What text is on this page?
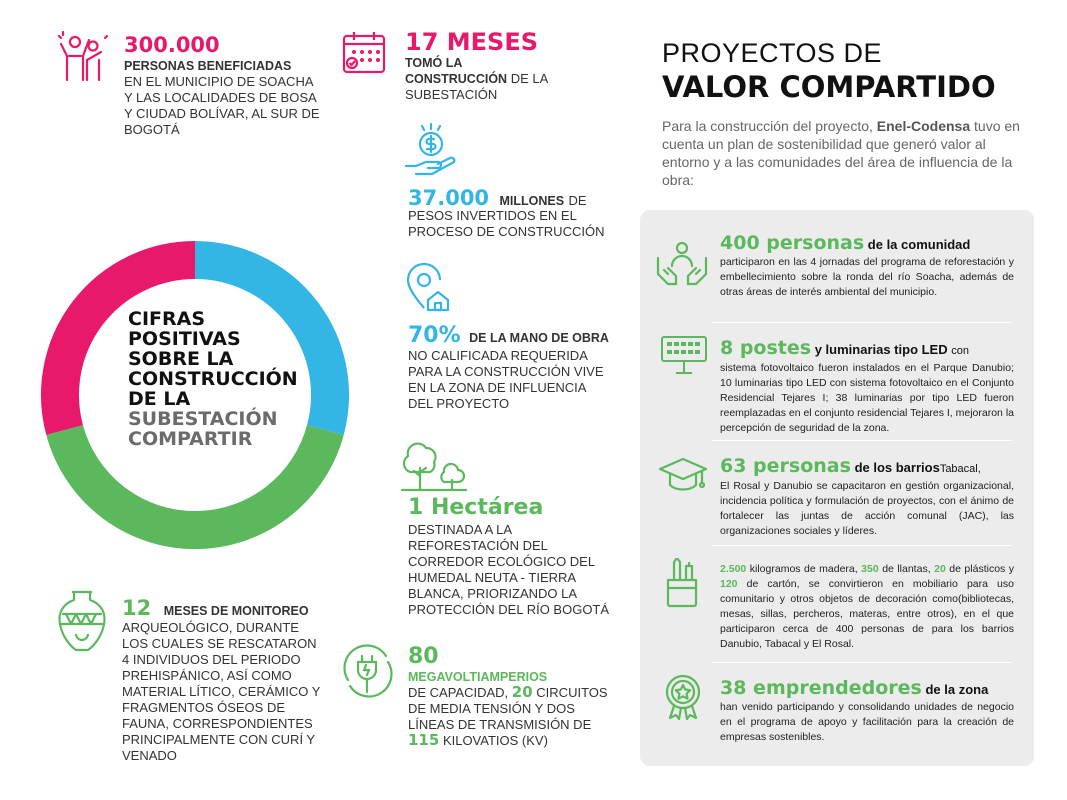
CIFRAS
POSITIVAS
SOBRE LA
CONSTRUCCIÓN
DE LA
SUBESTACIÓN
COMPARTIR
300.000
PERSONAS BENEFICIADAS
EN EL MUNICIPIO DE SOACHA Y LAS LOCALIDADES DE BOSA Y CIUDAD BOLÍVAR, AL SUR DE BOGOTÁ
17 MESES
TOMÓ LA CONSTRUCCIÓN DE LA SUBESTACIÓN
37.000 MILLONES DE
PESOS INVERTIDOS EN EL PROCESO DE CONSTRUCCIÓN
70% DE LA MANO DE OBRA
NO CALIFICADA REQUERIDA PARA LA CONSTRUCCIÓN VIVE EN LA ZONA DE INFLUENCIA DEL PROYECTO
1 Hectárea
DESTINADA A LA REFORESTACIÓN DEL CORREDOR ECOLÓGICO DEL HUMEDAL NEUTA - TIERRA BLANCA, PRIORIZANDO LA PROTECCIÓN DEL RÍO BOGOTÁ
80
MEGAVOLTIAMPERIOS
DE CAPACIDAD, 20 CIRCUITOS DE MEDIA TENSIÓN Y DOS LÍNEAS DE TRANSMISIÓN DE 115 KILOVATIOS (KV)
12 MESES DE MONITOREO
ARQUEOLÓGICO, DURANTE LOS CUALES SE RESCATARON 4 INDIVIDUOS DEL PERIODO PREHISPÁNICO, ASÍ COMO MATERIAL LÍTICO, CERÁMICO Y FRAGMENTOS ÓSEOS DE FAUNA, CORRESPONDIENTES PRINCIPALMENTE CON CURÍ Y VENADO
PROYECTOS DE
VALOR COMPARTIDO
Para la construcción del proyecto, Enel-Codensa tuvo en cuenta un plan de sostenibilidad que generó valor al entorno y a las comunidades del área de influencia de la obra:
400 personas de la comunidad
participaron en las 4 jornadas del programa de reforestación y embellecimiento sobre la ronda del río Soacha, además de otras áreas de interés ambiental del municipio.
8 postes y luminarias tipo LED con
sistema fotovoltaico fueron instalados en el Parque Danubio; 10 luminarias tipo LED con sistema fotovoltaico en el Conjunto Residencial Tejares I; 38 luminarias por tipo LED fueron reemplazadas en el conjunto residencial Tejares I, mejoraron la percepción de seguridad de la zona.
63 personas de los barriosTabacal,
El Rosal y Danubio se capacitaron en gestión organizacional, incidencia política y formulación de proyectos, con el ánimo de fortalecer las juntas de acción comunal (JAC), las organizaciones sociales y líderes.
2.500 kilogramos de madera, 350 de llantas, 20 de plásticos y 120 de cartón, se convirtieron en mobiliario para uso comunitario y otros objetos de decoración como(bibliotecas, mesas, sillas, percheros, materas, entre otros), en el que participaron cerca de 400 personas de para los barrios Danubio, Tabacal y El Rosal.
38 emprendedores de la zona
han venido participando y consolidando unidades de negocio en el programa de apoyo y facilitación para la creación de empresas sostenibles.
